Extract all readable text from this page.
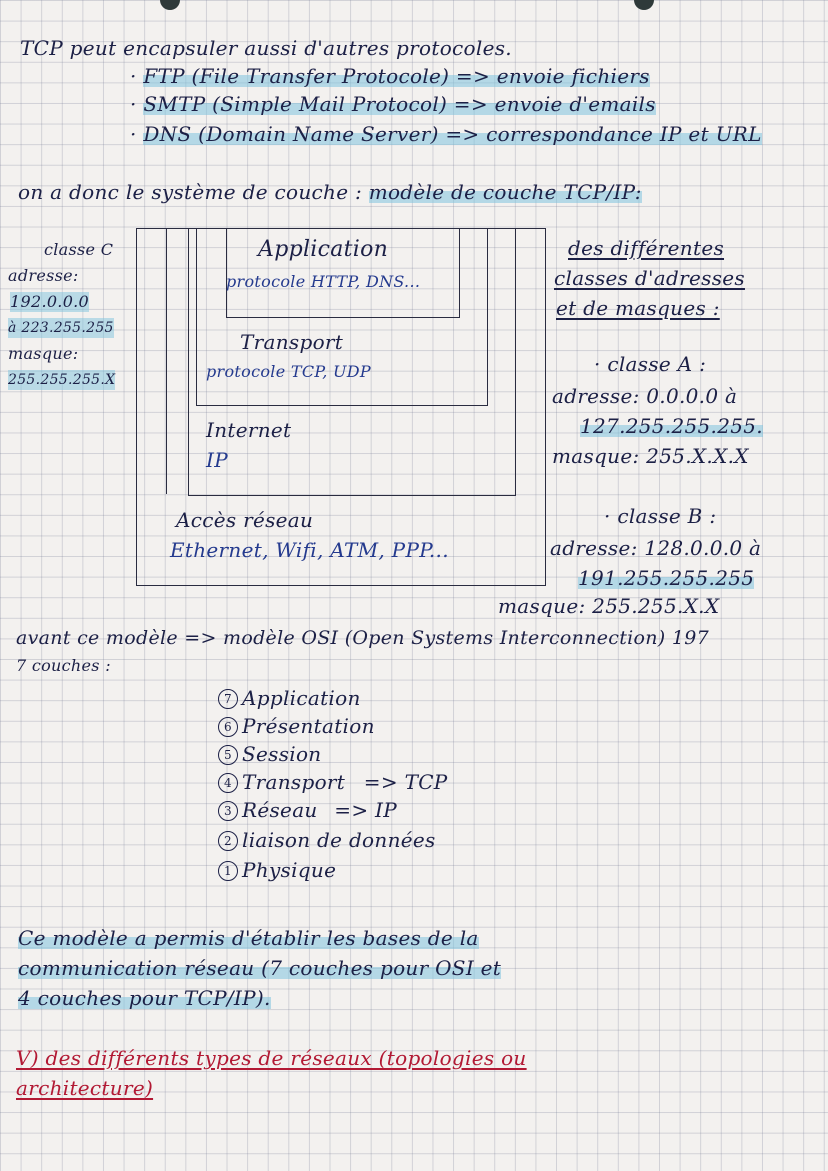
TCP peut encapsuler aussi d'autres protocoles.
· FTP (File Transfer Protocole) => envoie fichiers
· SMTP (Simple Mail Protocol) => envoie d'emails
· DNS (Domain Name Server) => correspondance IP et URL
on a donc le système de couche : modèle de couche TCP/IP:
Application
protocole HTTP, DNS...
Transport
protocole TCP, UDP
Internet
IP
Accès réseau
Ethernet, Wifi, ATM, PPP...
classe C
adresse:
192.0.0.0
à 223.255.255
masque:
255.255.255.X
des différentes
classes d'adresses
et de masques :
· classe A :
adresse: 0.0.0.0 à
127.255.255.255.
masque: 255.X.X.X
· classe B :
adresse: 128.0.0.0 à
191.255.255.255
masque: 255.255.X.X
avant ce modèle => modèle OSI (Open Systems Interconnection) 197
7 couches :
7 Application
6 Présentation
5 Session
4 Transport => TCP
3 Réseau => IP
2 liaison de données
1 Physique
Ce modèle a permis d'établir les bases de la
communication réseau (7 couches pour OSI et
4 couches pour TCP/IP).
V) des différents types de réseaux (topologies ou
architecture)
